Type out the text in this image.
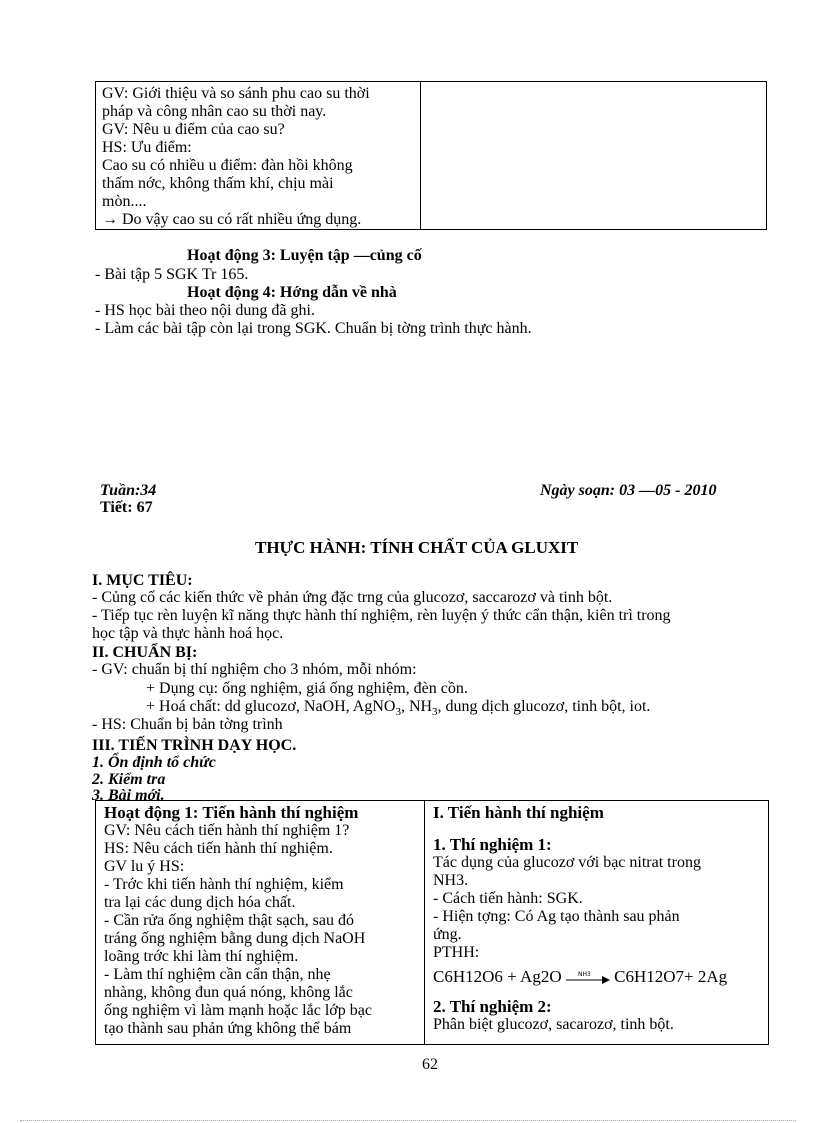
GV: Giới thiệu và so sánh phu cao su thời
pháp và công nhân cao su thời nay.
GV: Nêu u điểm của cao su?
HS: Ưu điểm:
Cao su có nhiều u điểm: đàn hồi không
thấm nớc, không thấm khí, chịu mài
mòn....
→ Do vậy cao su có rất nhiều ứng dụng.

Hoạt động 3: Luyện tập —củng cố
- Bài tập 5 SGK Tr 165.
Hoạt động 4: Hớng dẫn về nhà
- HS học bài theo nội dung đã ghi.
- Làm các bài tập còn lại trong SGK. Chuẩn bị tờng trình thực hành.
Tuần:34
Tiết: 67
Ngày soạn: 03 —05 - 2010
THỰC HÀNH: TÍNH CHẤT CỦA GLUXIT
I. MỤC TIÊU:
- Củng cố các kiến thức về phản ứng đặc trng của glucozơ, saccarozơ và tinh bột.
- Tiếp tục rèn luyện kĩ năng thực hành thí nghiệm, rèn luyện ý thức cẩn thận, kiên trì trong
học tập và thực hành hoá học.
II. CHUẨN BỊ:
- GV: chuẩn bị thí nghiệm cho 3 nhóm, mỗi nhóm:
+ Dụng cụ: ống nghiệm, giá ống nghiệm, đèn cồn.
+ Hoá chất: dd glucozơ, NaOH, AgNO$_3$, $NH_3$, dung dịch glucozơ, tinh bột, iot.
- HS: Chuẩn bị bản tờng trình
III. TIẾN TRÌNH DẠY HỌC.
1. Ổn định tổ chức
2. Kiểm tra
3. Bài mới.
Hoạt động 1: Tiến hành thí nghiệm
GV: Nêu cách tiến hành thí nghiệm 1?
HS: Nêu cách tiến hành thí nghiệm.
GV lu ý HS:
- Trớc khi tiến hành thí nghiệm, kiểm
tra lại các dung dịch hóa chất.
- Cần rửa ống nghiệm thật sạch, sau đó
tráng ống nghiệm bằng dung dịch NaOH
loãng trớc khi làm thí nghiệm.
- Làm thí nghiệm cần cẩn thận, nhẹ
nhàng, không đun quá nóng, không lắc
ống nghiệm vì làm mạnh hoặc lắc lớp bạc
tạo thành sau phản ứng không thể bám

I. Tiến hành thí nghiệm
1. Thí nghiệm 1:
Tác dụng của glucozơ với bạc nitrat trong
NH3.
- Cách tiến hành: SGK.
- Hiện tợng: Có Ag tạo thành sau phản
ứng.
PTHH:
C6H12O6 + Ag2O	NH3 C6H12O7+ 2Ag
2. Thí nghiệm 2:
Phân biệt glucozơ, sacarozơ, tinh bột.
62
